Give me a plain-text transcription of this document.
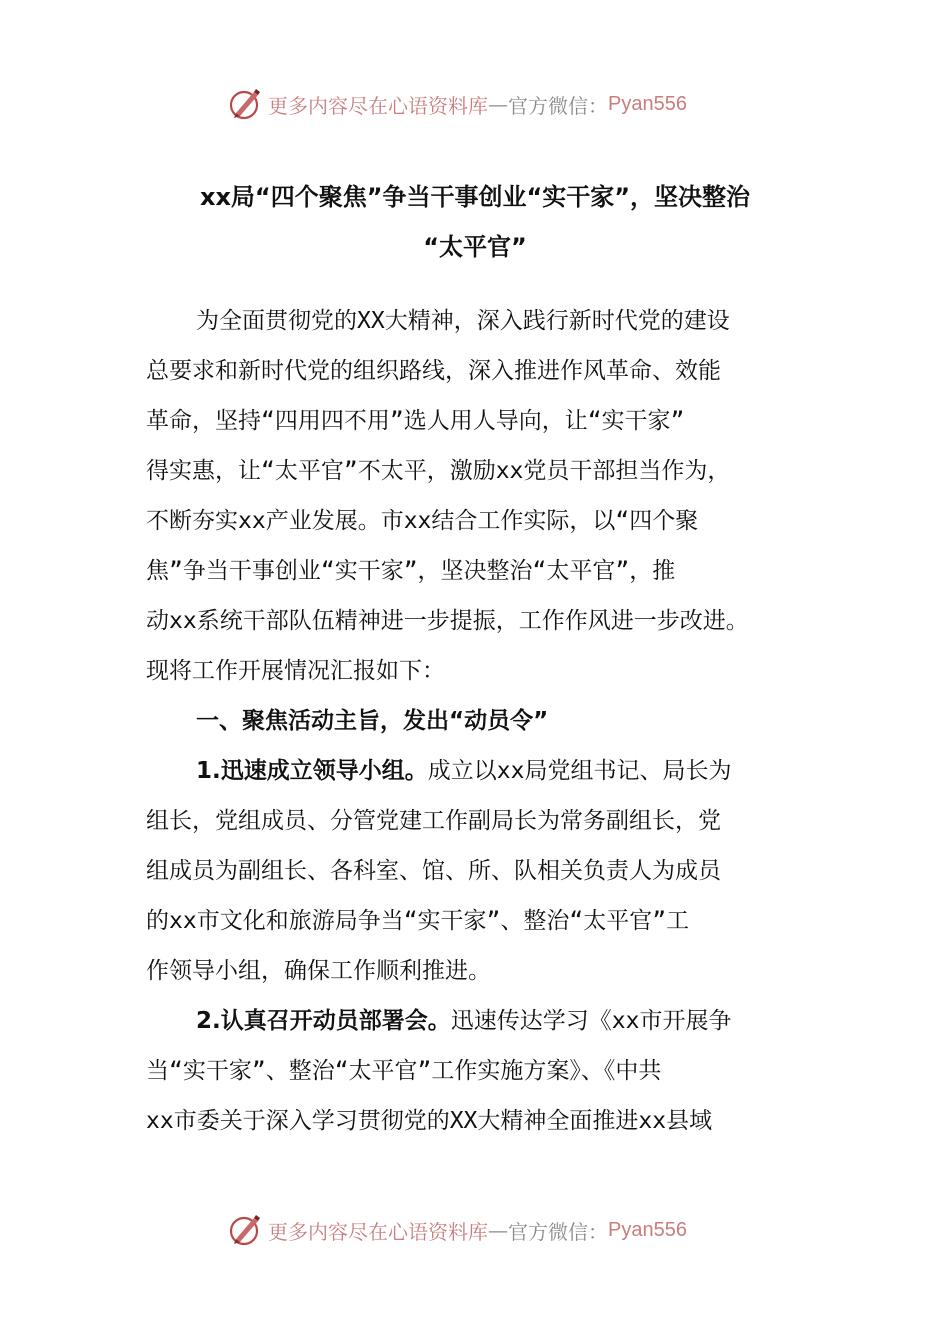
更多内容尽在心语资料库 — 官方微信： Pyan556
xx局“四个聚焦”争当干事创业“实干家”，坚决整治
“太平官”
为全面贯彻党的XX大精神，深入践行新时代党的建设
总要求和新时代党的组织路线，深入推进作风革命、效能
革命，坚持“四用四不用”选人用人导向，让“实干家”
得实惠，让“太平官”不太平，激励xx党员干部担当作为，
不断夯实xx产业发展。市xx结合工作实际，以“四个聚
焦”争当干事创业“实干家”，坚决整治“太平官”，推
动xx系统干部队伍精神进一步提振，工作作风进一步改进。
现将工作开展情况汇报如下：
一、聚焦活动主旨，发出“动员令”
1.迅速成立领导小组。成立以xx局党组书记、局长为
组长，党组成员、分管党建工作副局长为常务副组长，党
组成员为副组长、各科室、馆、所、队相关负责人为成员
的xx市文化和旅游局争当“实干家”、整治“太平官”工
作领导小组，确保工作顺利推进。
2.认真召开动员部署会。迅速传达学习《xx市开展争
当“实干家”、整治“太平官”工作实施方案》、《中共
xx市委关于深入学习贯彻党的XX大精神全面推进xx县域
更多内容尽在心语资料库 — 官方微信： Pyan556
